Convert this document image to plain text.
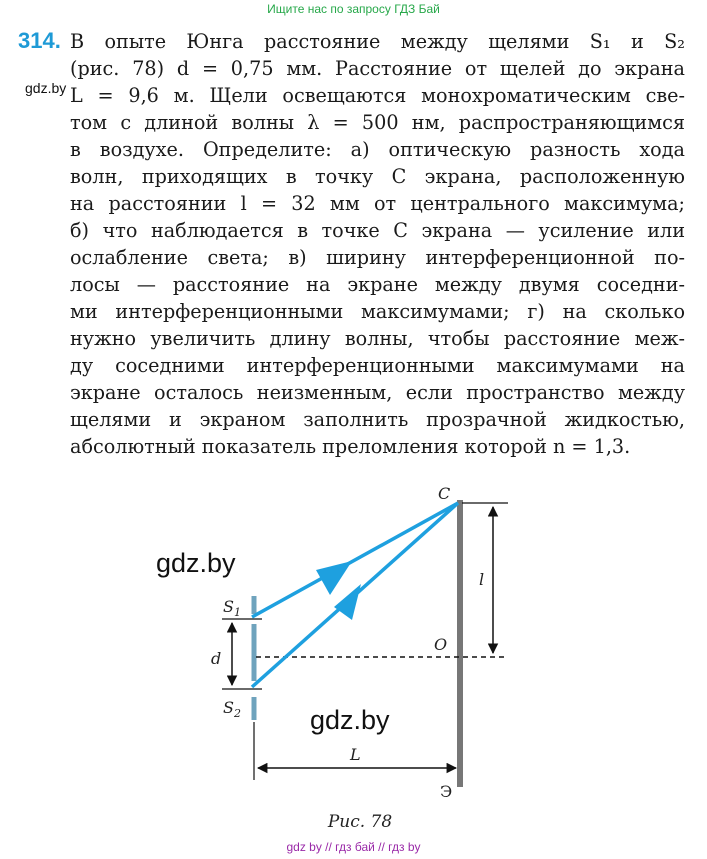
Ищите нас по запросу ГДЗ Бай
314.
gdz.by
В опыте Юнга расстояние между щелями S₁ и S₂
(рис. 78) d = 0,75 мм. Расстояние от щелей до экрана
L = 9,6 м. Щели освещаются монохроматическим све-
том с длиной волны λ = 500 нм, распространяющимся
в воздухе. Определите: а) оптическую разность хода
волн, приходящих в точку C экрана, расположенную
на расстоянии l = 32 мм от центрального максимума;
б) что наблюдается в точке C экрана — усиление или
ослабление света; в) ширину интерференционной по-
лосы — расстояние на экране между двумя соседни-
ми интерференционными максимумами; г) на сколько
нужно увеличить длину волны, чтобы расстояние меж-
ду соседними интерференционными максимумами на
экране осталось неизменным, если пространство между
щелями и экраном заполнить прозрачной жидкостью,
абсолютный показатель преломления которой n = 1,3.
C
O
l
d
$S_1$
$S_2$
L
Э
gdz.by
gdz.by
Рис. 78
gdz by // гдз бай // гдз by
